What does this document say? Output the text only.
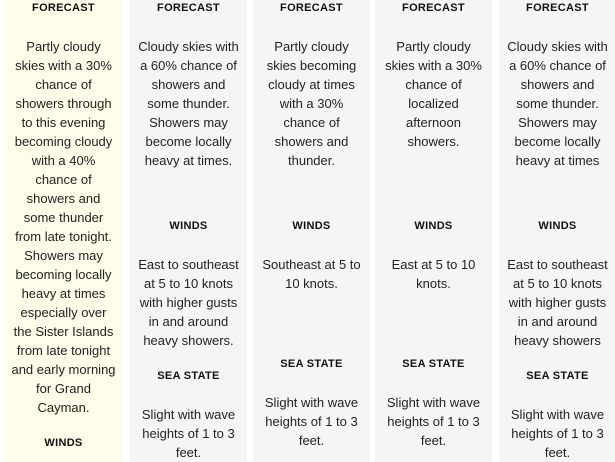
FORECAST
Partly cloudy skies with a 30% chance of showers through to this evening becoming cloudy with a 40% chance of showers and some thunder from late tonight. Showers may becoming locally heavy at times especially over the Sister Islands from late tonight and early morning for Grand Cayman.
WINDS
FORECAST
Cloudy skies with a 60% chance of showers and some thunder. Showers may become locally heavy at times.
WINDS
East to southeast at 5 to 10 knots with higher gusts in and around heavy showers.
SEA STATE
Slight with wave heights of 1 to 3 feet.
FORECAST
Partly cloudy skies becoming cloudy at times with a 30% chance of showers and thunder.
WINDS
Southeast at 5 to 10 knots.
SEA STATE
Slight with wave heights of 1 to 3 feet.
FORECAST
Partly cloudy skies with a 30% chance of localized afternoon showers.
WINDS
East at 5 to 10 knots.
SEA STATE
Slight with wave heights of 1 to 3 feet.
FORECAST
Cloudy skies with a 60% chance of showers and some thunder. Showers may become locally heavy at times
WINDS
East to southeast at 5 to 10 knots with higher gusts in and around heavy showers
SEA STATE
Slight with wave heights of 1 to 3 feet.
